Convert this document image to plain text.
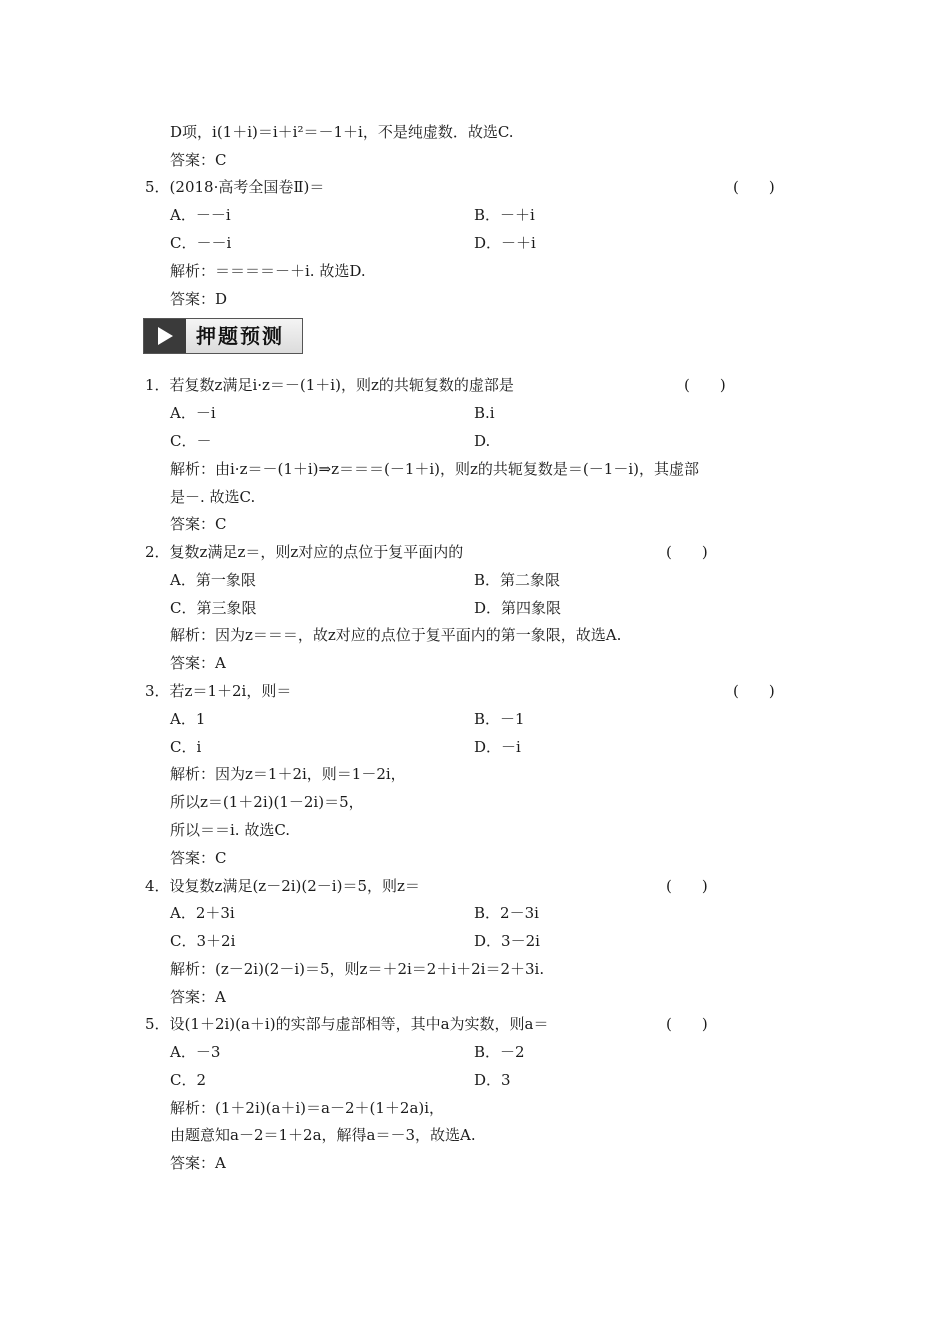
D项，i(1＋i)＝i＋i²＝－1＋i，不是纯虚数．故选C.
答案：C
5．(2018·高考全国卷Ⅱ)＝
A．－－i	B．－＋i
C．－－i	D．－＋i
解析：＝＝＝＝－＋i. 故选D.
答案：D
1．若复数z满足i·z＝－(1＋i)，则z的共轭复数的虚部是
A．－i	B.i
C．－	D.
解析：由i·z＝－(1＋i)⇒z＝＝＝(－1＋i)，则z的共轭复数是＝(－1－i)，其虚部
是－. 故选C.
答案：C
2．复数z满足z＝，则z对应的点位于复平面内的
A．第一象限	B．第二象限
C．第三象限	D．第四象限
解析：因为z＝＝＝，故z对应的点位于复平面内的第一象限，故选A.
答案：A
3．若z＝1＋2i，则＝
A．1	B．－1
C．i	D．－i
解析：因为z＝1＋2i，则＝1－2i，
所以z＝(1＋2i)(1－2i)＝5，
所以＝＝i. 故选C.
答案：C
4．设复数z满足(z－2i)(2－i)＝5，则z＝
A．2＋3i	B．2－3i
C．3＋2i	D．3－2i
解析：(z－2i)(2－i)＝5，则z＝＋2i＝2＋i＋2i＝2＋3i.
答案：A
5．设(1＋2i)(a＋i)的实部与虚部相等，其中a为实数，则a＝
A．－3	B．－2
C．2	D．3
解析：(1＋2i)(a＋i)＝a－2＋(1＋2a)i，
由题意知a－2＝1＋2a，解得a＝－3，故选A.
答案：A
(　　)
(　　)
(　　)
(　　)
(　　)
(　　)
押题预测
